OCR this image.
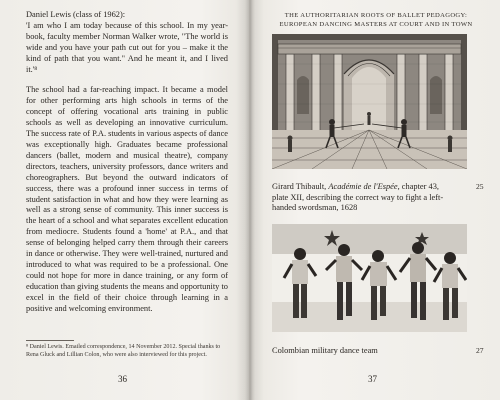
Daniel Lewis (class of 1962):

'I am who I am today because of this school. In my year-book, faculty member Norman Walker wrote, "The world is wide and you have your path cut out for you – make it the kind of path that you want." And he meant it, and I lived it.'⁸

The school had a far-reaching impact. It became a model for other performing arts high schools in terms of the concept of offering vocational arts training in public schools as well as developing an innovative curriculum. The success rate of P.A. students in various aspects of dance was exceptionally high. Graduates became professional dancers (ballet, modern and musical theatre), company directors, teachers, university professors, dance writers and choreographers. But beyond the outward indicators of success, there was a profound inner success in terms of student satisfaction in what and how they were learning as well as a strong sense of community. This inner success is the heart of a school and what separates excellent education from mediocre. Students found a 'home' at P.A., and that sense of belonging helped carry them through their careers in dance or otherwise. They were well-trained, nurtured and introduced to what was required to be a professional. One could not hope for more in dance training, or any form of education than giving students the means and opportunity to excel in the field of their choice through learning in a positive and welcoming environment.

⁸ Daniel Lewis. Emailed correspondence, 14 November 2012. Special thanks to Rena Gluck and Lillian Colon, who were also interviewed for this project.
36
THE AUTHORITARIAN ROOTS OF BALLET PEDAGOGY:
EUROPEAN DANCING MASTERS AT COURT AND IN TOWN
Girard Thibault, Académie de l'Espée, chapter 43, plate XII, describing the correct way to fight a left-handed swordsman, 1628
25
Colombian military dance team	27
37
